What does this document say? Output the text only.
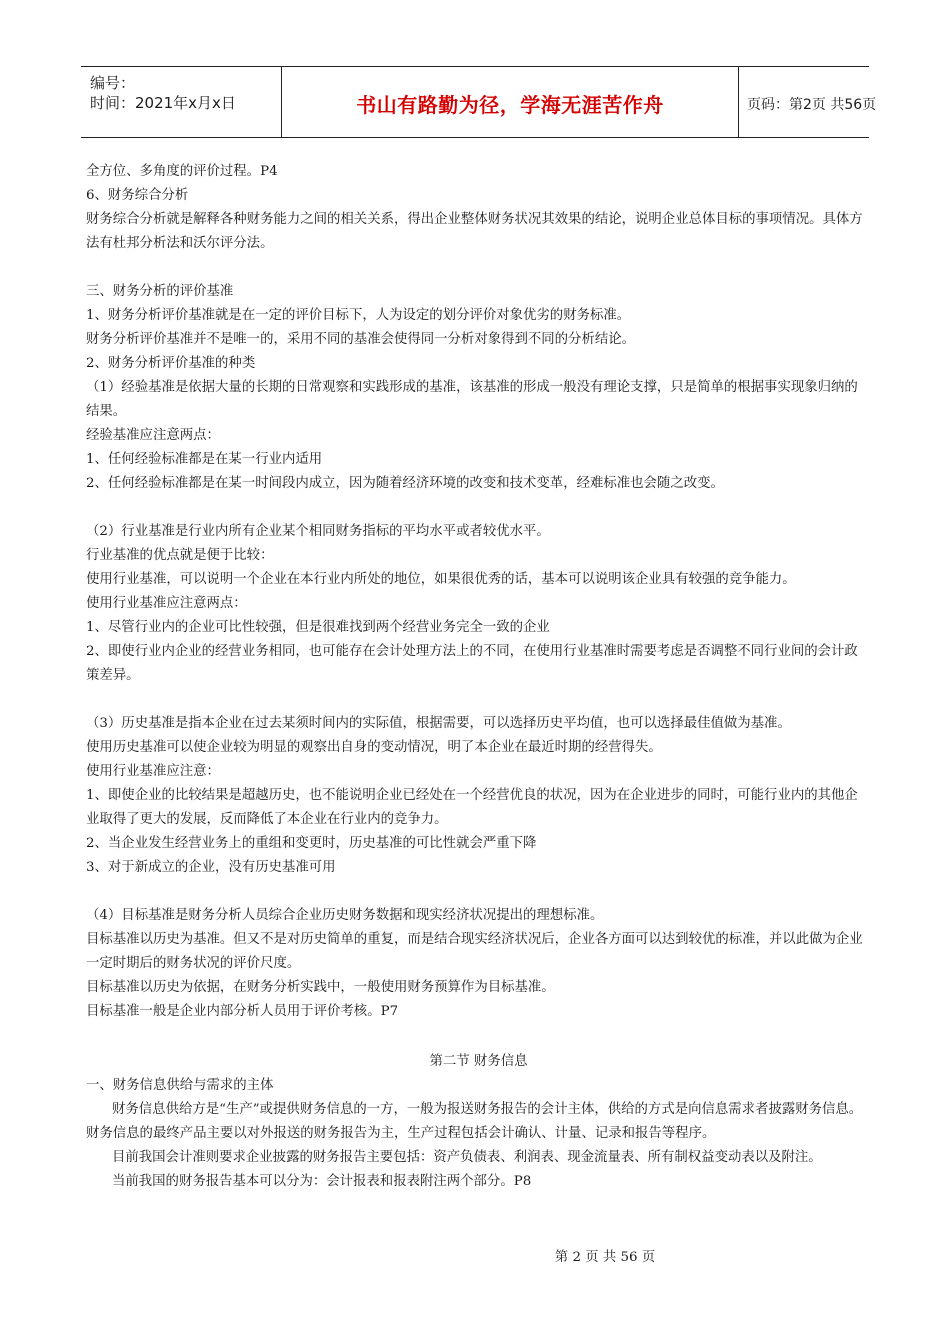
编号：
时间：2021年x月x日	书山有路勤为径，学海无涯苦作舟	页码：第2页 共56页

全方位、多角度的评价过程。P4

6、财务综合分析

财务综合分析就是解释各种财务能力之间的相关关系，得出企业整体财务状况其效果的结论，说明企业总体目标的事项情况。具体方法有杜邦分析法和沃尔评分法。

三、财务分析的评价基准

1、财务分析评价基准就是在一定的评价目标下，人为设定的划分评价对象优劣的财务标准。

财务分析评价基准并不是唯一的，采用不同的基准会使得同一分析对象得到不同的分析结论。

2、财务分析评价基准的种类

（1）经验基准是依据大量的长期的日常观察和实践形成的基准，该基准的形成一般没有理论支撑，只是简单的根据事实现象归纳的结果。

经验基准应注意两点：

1、任何经验标准都是在某一行业内适用

2、任何经验标准都是在某一时间段内成立，因为随着经济环境的改变和技术变革，经难标准也会随之改变。

（2）行业基准是行业内所有企业某个相同财务指标的平均水平或者较优水平。

行业基准的优点就是便于比较：

使用行业基准，可以说明一个企业在本行业内所处的地位，如果很优秀的话，基本可以说明该企业具有较强的竞争能力。

使用行业基准应注意两点：

1、尽管行业内的企业可比性较强，但是很难找到两个经营业务完全一致的企业

2、即使行业内企业的经营业务相同，也可能存在会计处理方法上的不同，在使用行业基准时需要考虑是否调整不同行业间的会计政策差异。

（3）历史基准是指本企业在过去某须时间内的实际值，根据需要，可以选择历史平均值，也可以选择最佳值做为基准。

使用历史基准可以使企业较为明显的观察出自身的变动情况，明了本企业在最近时期的经营得失。

使用行业基准应注意：

1、即使企业的比较结果是超越历史，也不能说明企业已经处在一个经营优良的状况，因为在企业进步的同时，可能行业内的其他企业取得了更大的发展，反而降低了本企业在行业内的竞争力。

2、当企业发生经营业务上的重组和变更时，历史基准的可比性就会严重下降

3、对于新成立的企业，没有历史基准可用

（4）目标基准是财务分析人员综合企业历史财务数据和现实经济状况提出的理想标准。

目标基准以历史为基准。但又不是对历史简单的重复，而是结合现实经济状况后，企业各方面可以达到较优的标准，并以此做为企业一定时期后的财务状况的评价尺度。

目标基准以历史为依据，在财务分析实践中，一般使用财务预算作为目标基准。

目标基准一般是企业内部分析人员用于评价考核。P7

第二节 财务信息

一、财务信息供给与需求的主体

财务信息供给方是“生产”或提供财务信息的一方，一般为报送财务报告的会计主体，供给的方式是向信息需求者披露财务信息。财务信息的最终产品主要以对外报送的财务报告为主，生产过程包括会计确认、计量、记录和报告等程序。

目前我国会计准则要求企业披露的财务报告主要包括：资产负债表、利润表、现金流量表、所有制权益变动表以及附注。

当前我国的财务报告基本可以分为：会计报表和报表附注两个部分。P8

第 2 页 共 56 页
